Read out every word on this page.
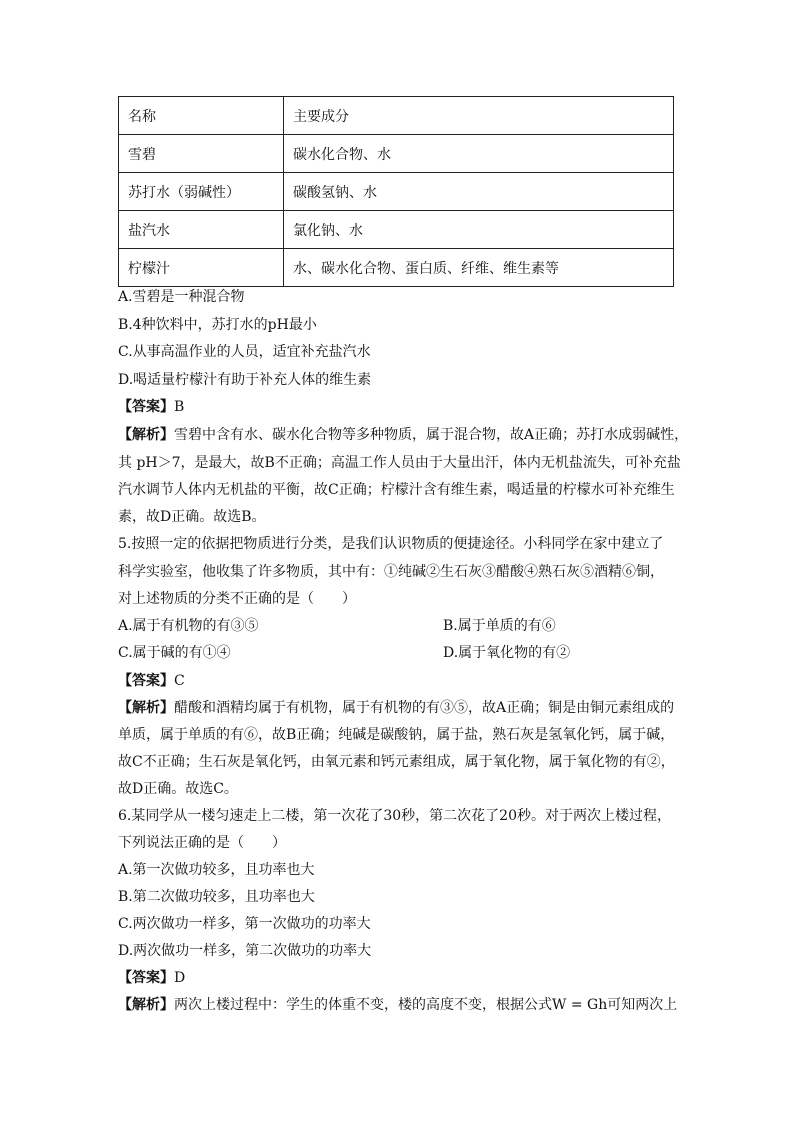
名称	主要成分
雪碧	碳水化合物、水
苏打水（弱碱性）	碳酸氢钠、水
盐汽水	氯化钠、水
柠檬汁	水、碳水化合物、蛋白质、纤维、维生素等
A.雪碧是一种混合物
B.4种饮料中，苏打水的pH最小
C.从事高温作业的人员，适宜补充盐汽水
D.喝适量柠檬汁有助于补充人体的维生素
【答案】B
【解析】雪碧中含有水、碳水化合物等多种物质，属于混合物，故A正确；苏打水成弱碱性，
其 pH＞7，是最大，故B不正确；高温工作人员由于大量出汗，体内无机盐流失，可补充盐
汽水调节人体内无机盐的平衡，故C正确；柠檬汁含有维生素，喝适量的柠檬水可补充维生
素，故D正确。故选B。
5.按照一定的依据把物质进行分类，是我们认识物质的便捷途径。小科同学在家中建立了
科学实验室，他收集了许多物质，其中有：①纯碱②生石灰③醋酸④熟石灰⑤酒精⑥铜，
对上述物质的分类不正确的是（　　）
A.属于有机物的有③⑤	B.属于单质的有⑥
C.属于碱的有①④	D.属于氧化物的有②
【答案】C
【解析】醋酸和酒精均属于有机物，属于有机物的有③⑤，故A正确；铜是由铜元素组成的
单质，属于单质的有⑥，故B正确；纯碱是碳酸钠，属于盐，熟石灰是氢氧化钙，属于碱，
故C不正确；生石灰是氧化钙，由氧元素和钙元素组成，属于氧化物，属于氧化物的有②，
故D正确。故选C。
6.某同学从一楼匀速走上二楼，第一次花了30秒，第二次花了20秒。对于两次上楼过程，
下列说法正确的是（　　）
A.第一次做功较多，且功率也大
B.第二次做功较多，且功率也大
C.两次做功一样多，第一次做功的功率大
D.两次做功一样多，第二次做功的功率大
【答案】D
【解析】两次上楼过程中：学生的体重不变，楼的高度不变，根据公式W = Gh可知两次上
